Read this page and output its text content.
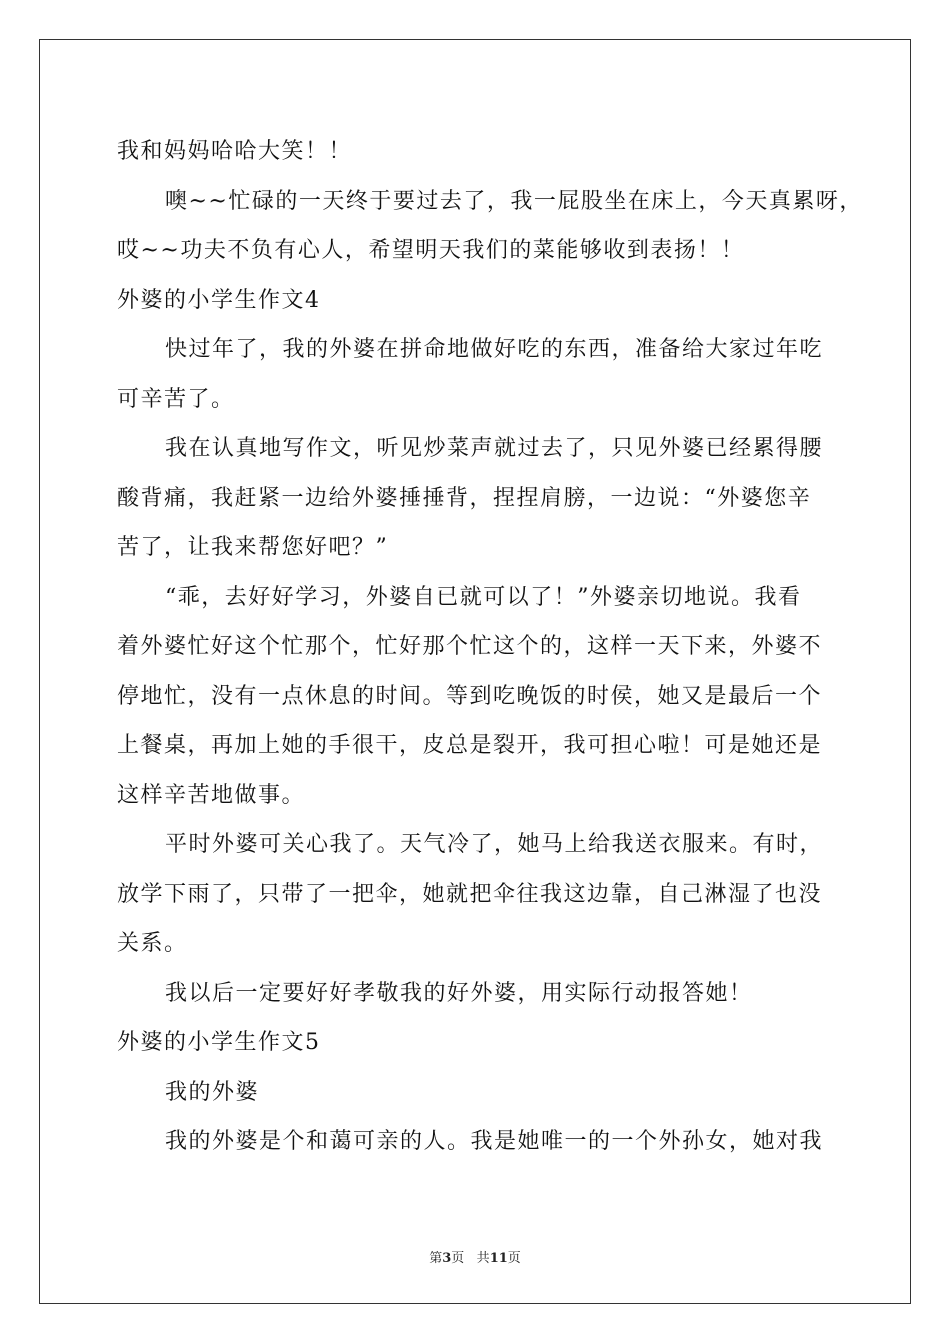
我和妈妈哈哈大笑！！
噢~~忙碌的一天终于要过去了，我一屁股坐在床上，今天真累呀，
哎~~功夫不负有心人，希望明天我们的菜能够收到表扬！！
外婆的小学生作文4
快过年了，我的外婆在拼命地做好吃的东西，准备给大家过年吃
可辛苦了。
我在认真地写作文，听见炒菜声就过去了，只见外婆已经累得腰
酸背痛，我赶紧一边给外婆捶捶背，捏捏肩膀，一边说：“外婆您辛
苦了，让我来帮您好吧？”
“乖，去好好学习，外婆自已就可以了！”外婆亲切地说。我看
着外婆忙好这个忙那个，忙好那个忙这个的，这样一天下来，外婆不
停地忙，没有一点休息的时间。等到吃晚饭的时侯，她又是最后一个
上餐桌，再加上她的手很干，皮总是裂开，我可担心啦！可是她还是
这样辛苦地做事。
平时外婆可关心我了。天气冷了，她马上给我送衣服来。有时，
放学下雨了，只带了一把伞，她就把伞往我这边靠，自己淋湿了也没
关系。
我以后一定要好好孝敬我的好外婆，用实际行动报答她！
外婆的小学生作文5
我的外婆
我的外婆是个和蔼可亲的人。我是她唯一的一个外孙女，她对我
第3页 共11页
